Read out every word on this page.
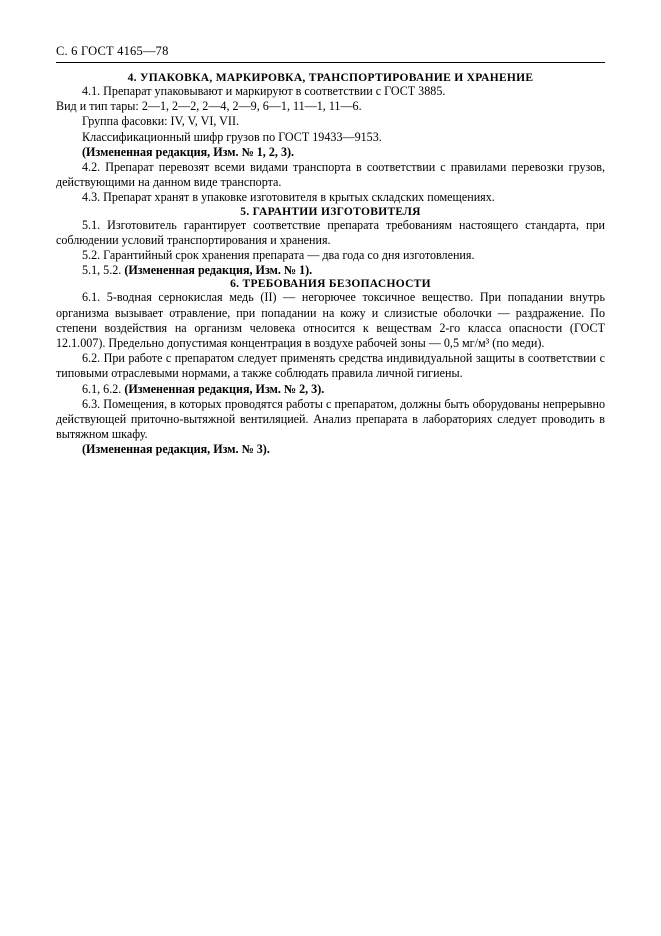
С. 6 ГОСТ 4165—78
4. УПАКОВКА, МАРКИРОВКА, ТРАНСПОРТИРОВАНИЕ И ХРАНЕНИЕ

4.1. Препарат упаковывают и маркируют в соответствии с ГОСТ 3885.

Вид и тип тары: 2—1, 2—2, 2—4, 2—9, 6—1, 11—1, 11—6.

Группа фасовки: IV, V, VI, VII.

Классификационный шифр грузов по ГОСТ 19433—9153.

(Измененная редакция, Изм. № 1, 2, 3).

4.2. Препарат перевозят всеми видами транспорта в соответствии с правилами перевозки грузов, действующими на данном виде транспорта.

4.3. Препарат хранят в упаковке изготовителя в крытых складских помещениях.

5. ГАРАНТИИ ИЗГОТОВИТЕЛЯ

5.1. Изготовитель гарантирует соответствие препарата требованиям настоящего стандарта, при соблюдении условий транспортирования и хранения.

5.2. Гарантийный срок хранения препарата — два года со дня изготовления.

5.1, 5.2. (Измененная редакция, Изм. № 1).

6. ТРЕБОВАНИЯ БЕЗОПАСНОСТИ

6.1. 5-водная сернокислая медь (II) — негорючее токсичное вещество. При попадании внутрь организма вызывает отравление, при попадании на кожу и слизистые оболочки — раздражение. По степени воздействия на организм человека относится к веществам 2-го класса опасности (ГОСТ 12.1.007). Предельно допустимая концентрация в воздухе рабочей зоны — 0,5 мг/м³ (по меди).

6.2. При работе с препаратом следует применять средства индивидуальной защиты в соответствии с типовыми отраслевыми нормами, а также соблюдать правила личной гигиены.

6.1, 6.2. (Измененная редакция, Изм. № 2, 3).

6.3. Помещения, в которых проводятся работы с препаратом, должны быть оборудованы непрерывно действующей приточно-вытяжной вентиляцией. Анализ препарата в лабораториях следует проводить в вытяжном шкафу.

(Измененная редакция, Изм. № 3).
